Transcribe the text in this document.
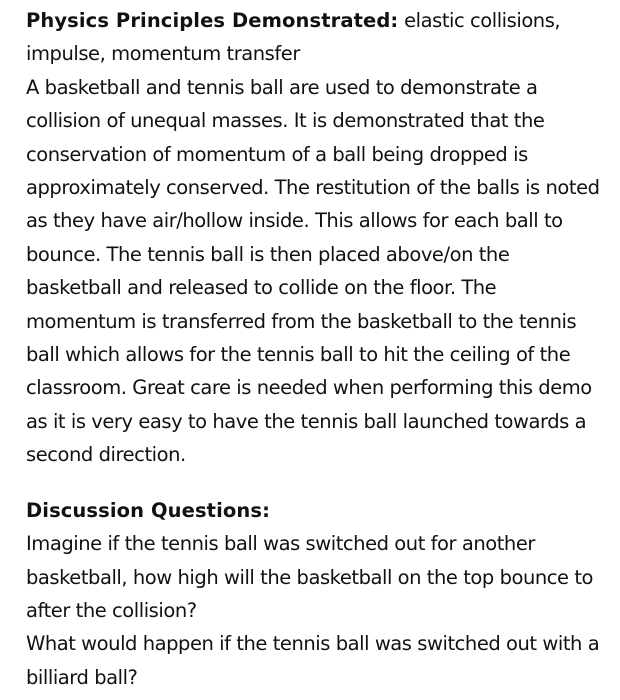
Physics Principles Demonstrated: elastic collisions, impulse, momentum transfer

A basketball and tennis ball are used to demonstrate a collision of unequal masses. It is demonstrated that the conservation of momentum of a ball being dropped is approximately conserved. The restitution of the balls is noted as they have air/hollow inside. This allows for each ball to bounce. The tennis ball is then placed above/on the basketball and released to collide on the floor. The momentum is transferred from the basketball to the tennis ball which allows for the tennis ball to hit the ceiling of the classroom. Great care is needed when performing this demo as it is very easy to have the tennis ball launched towards a second direction.

Discussion Questions:

Imagine if the tennis ball was switched out for another basketball, how high will the basketball on the top bounce to after the collision?

What would happen if the tennis ball was switched out with a billiard ball?
